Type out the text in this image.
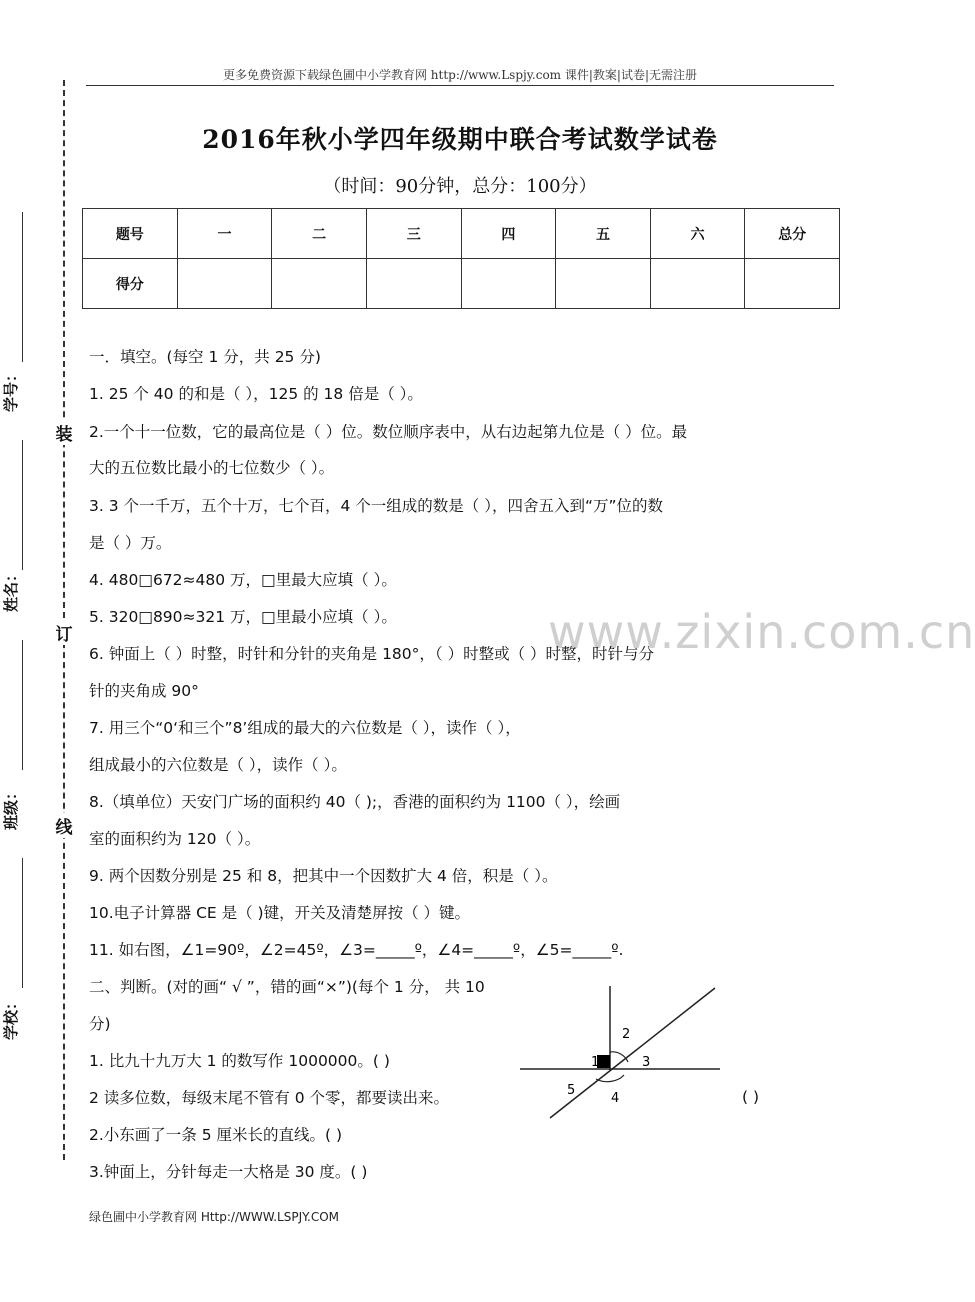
更多免费资源下载绿色圃中小学教育网 http://www.Lspjy.com 课件|教案|试卷|无需注册
装
订
线
学号：
姓名：
班级：
学校：
2016年秋小学四年级期中联合考试数学试卷
（时间：90分钟，总分：100分）
题号	一	二	三	四	五	六	总分
得分							
www.zixin.com.cn
一．填空。(每空 1 分，共 25 分)
1. 25 个 40 的和是（ ），125 的 18 倍是（ ）。
2.一个十一位数，它的最高位是（ ）位。数位顺序表中，从右边起第九位是（ ）位。最
大的五位数比最小的七位数少（ ）。
3. 3 个一千万，五个十万，七个百，4 个一组成的数是（ ），四舍五入到“万”位的数
是（ ）万。
4. 480□672≈480 万，□里最大应填（ ）。
5. 320□890≈321 万，□里最小应填（ ）。
6. 钟面上（ ）时整，时针和分针的夹角是 180°，（ ）时整或（ ）时整，时针与分
针的夹角成 90°
7. 用三个“0‘和三个”8’组成的最大的六位数是（ ），读作（ ），
组成最小的六位数是（ ），读作（ ）。
8.（填单位）天安门广场的面积约 40（ );，香港的面积约为 1100（ ），绘画
室的面积约为 120（ ）。
9. 两个因数分别是 25 和 8，把其中一个因数扩大 4 倍，积是（ ）。
10.电子计算器 CE 是（ )键，开关及清楚屏按（ ）键。
11. 如右图，∠1=90º，∠2=45º，∠3=_____º，∠4=_____º，∠5=_____º.
二、判断。(对的画“ √ ”，错的画“×”)(每个 1 分， 共 10
分)
1. 比九十九万大 1 的数写作 1000000。( )
2 读多位数，每级末尾不管有 0 个零，都要读出来。
2.小东画了一条 5 厘米长的直线。( )
3.钟面上，分针每走一大格是 30 度。( )
( )
1
2
3
4
5
绿色圃中小学教育网 Http://WWW.LSPJY.COM
